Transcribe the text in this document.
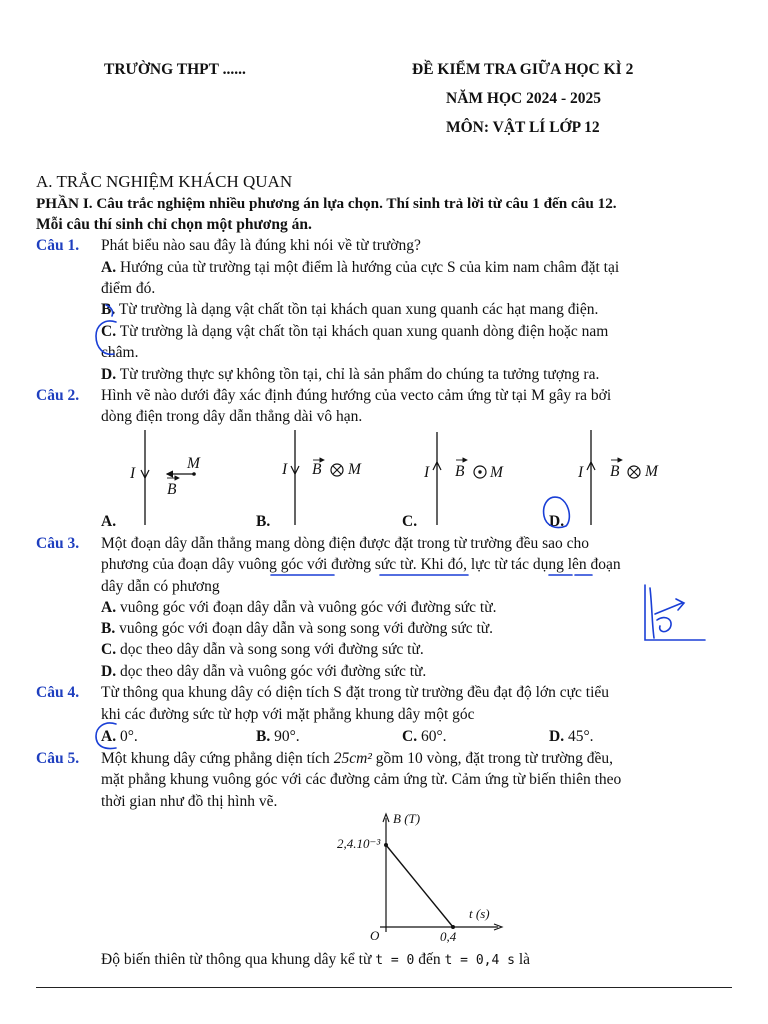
TRƯỜNG THPT ......	ĐỀ KIỂM TRA GIỮA HỌC KÌ 2
NĂM HỌC 2024 - 2025
MÔN: VẬT LÍ LỚP 12
A. TRẮC NGHIỆM KHÁCH QUAN
PHẦN I. Câu trắc nghiệm nhiều phương án lựa chọn. Thí sinh trả lời từ câu 1 đến câu 12.
Mỗi câu thí sinh chỉ chọn một phương án.
Câu 1. Phát biểu nào sau đây là đúng khi nói về từ trường?
A. Hướng của từ trường tại một điểm là hướng của cực S của kim nam châm đặt tại
điểm đó.
B. Từ trường là dạng vật chất tồn tại khách quan xung quanh các hạt mang điện.
C. Từ trường là dạng vật chất tồn tại khách quan xung quanh dòng điện hoặc nam
châm.
D. Từ trường thực sự không tồn tại, chỉ là sản phẩm do chúng ta tưởng tượng ra.
Câu 2. Hình vẽ nào dưới đây xác định đúng hướng của vecto cảm ứng từ tại M gây ra bởi
dòng điện trong dây dẫn thẳng dài vô hạn.
I
M
B
I B M	I B M	I B M
A.	B.	C.	D.
Câu 3. Một đoạn dây dẫn thẳng mang dòng điện được đặt trong từ trường đều sao cho
phương của đoạn dây vuông góc với đường sức từ. Khi đó, lực từ tác dụng lên đoạn
dây dẫn có phương
A. vuông góc với đoạn dây dẫn và vuông góc với đường sức từ.
B. vuông góc với đoạn dây dẫn và song song với đường sức từ.
C. dọc theo dây dẫn và song song với đường sức từ.
D. dọc theo dây dẫn và vuông góc với đường sức từ.
Câu 4. Từ thông qua khung dây có diện tích S đặt trong từ trường đều đạt độ lớn cực tiểu
khi các đường sức từ hợp với mặt phẳng khung dây một góc
A. 0°.	B. 90°.	C. 60°.	D. 45°.
Câu 5. Một khung dây cứng phẳng diện tích 25cm² gồm 10 vòng, đặt trong từ trường đều,
mặt phẳng khung vuông góc với các đường cảm ứng từ. Cảm ứng từ biến thiên theo
thời gian như đồ thị hình vẽ.
B (T)
2,4.10⁻³
t (s)
O	0,4
Độ biến thiên từ thông qua khung dây kể từ t = 0 đến t = 0,4 s là
